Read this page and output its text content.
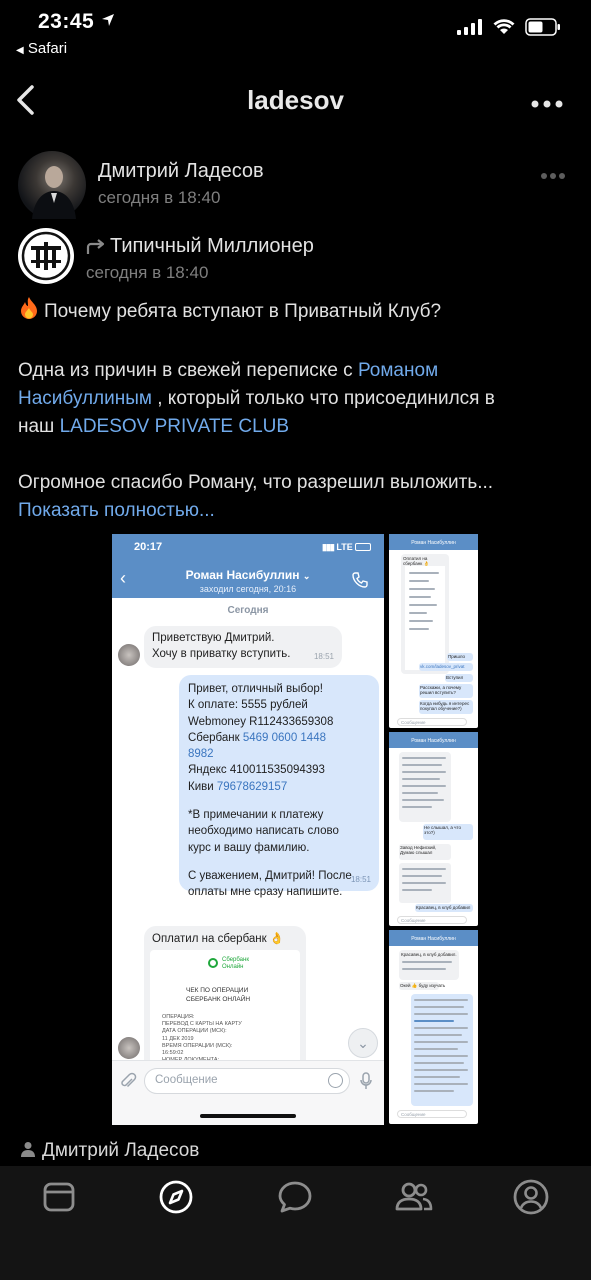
23:45
◀ Safari
ladesov
Дмитрий Ладесов
сегодня в 18:40
Типичный Миллионер
сегодня в 18:40
Почему ребята вступают в Приватный Клуб?
Одна из причин в свежей переписке с Романом
Насибуллиным , который только что присоединился в
наш LADESOV PRIVATE CLUB
Огромное спасибо Роману, что разрешил выложить...
Показать полностью...
20:17	▮▮▮ LTE
‹	Роман Насибуллин ⌄
заходил сегодня, 20:16
Сегодня
Приветствую Дмитрий.
Хочу в приватку вступить.	18:51
Привет, отличный выбор!
К оплате: 5555 рублей
Webmoney R112433659308
Сбербанк 5469 0600 1448
8982
Яндекс 410011535094393
Киви 79678629157
*В примечании к платежу
необходимо написать слово
курс и вашу фамилию.
С уважением, Дмитрий! После
оплаты мне сразу напишите.
18:51
Оплатил на сбербанк 👌
Сбербанк
Онлайн
ЧЕК ПО ОПЕРАЦИИ
СБЕРБАНК ОНЛАЙН
ОПЕРАЦИЯ:
ПЕРЕВОД С КАРТЫ НА КАРТУ
ДАТА ОПЕРАЦИИ (МСК):
11 ДЕК 2019
ВРЕМЯ ОПЕРАЦИИ (МСК):
16:59:02
⌄
Сообщение
Роман Насибуллин
Оплатил на сбербанк 👌
Пришло
vk.com/ladesov_privat
Вступил
Расскажи, а почему решил вступить?
Когда нибудь я интерес покупал обучение?)
Сообщение
Роман Насибуллин
Не слышал, а что это?)
Завод Нефиcкий, Думаю слышал
Красавец, в клуб добавил
Сообщение
Роман Насибуллин
Красавец, в клуб добавил.
Окей 👍 буду изучать
Сообщение
Дмитрий Ладесов
